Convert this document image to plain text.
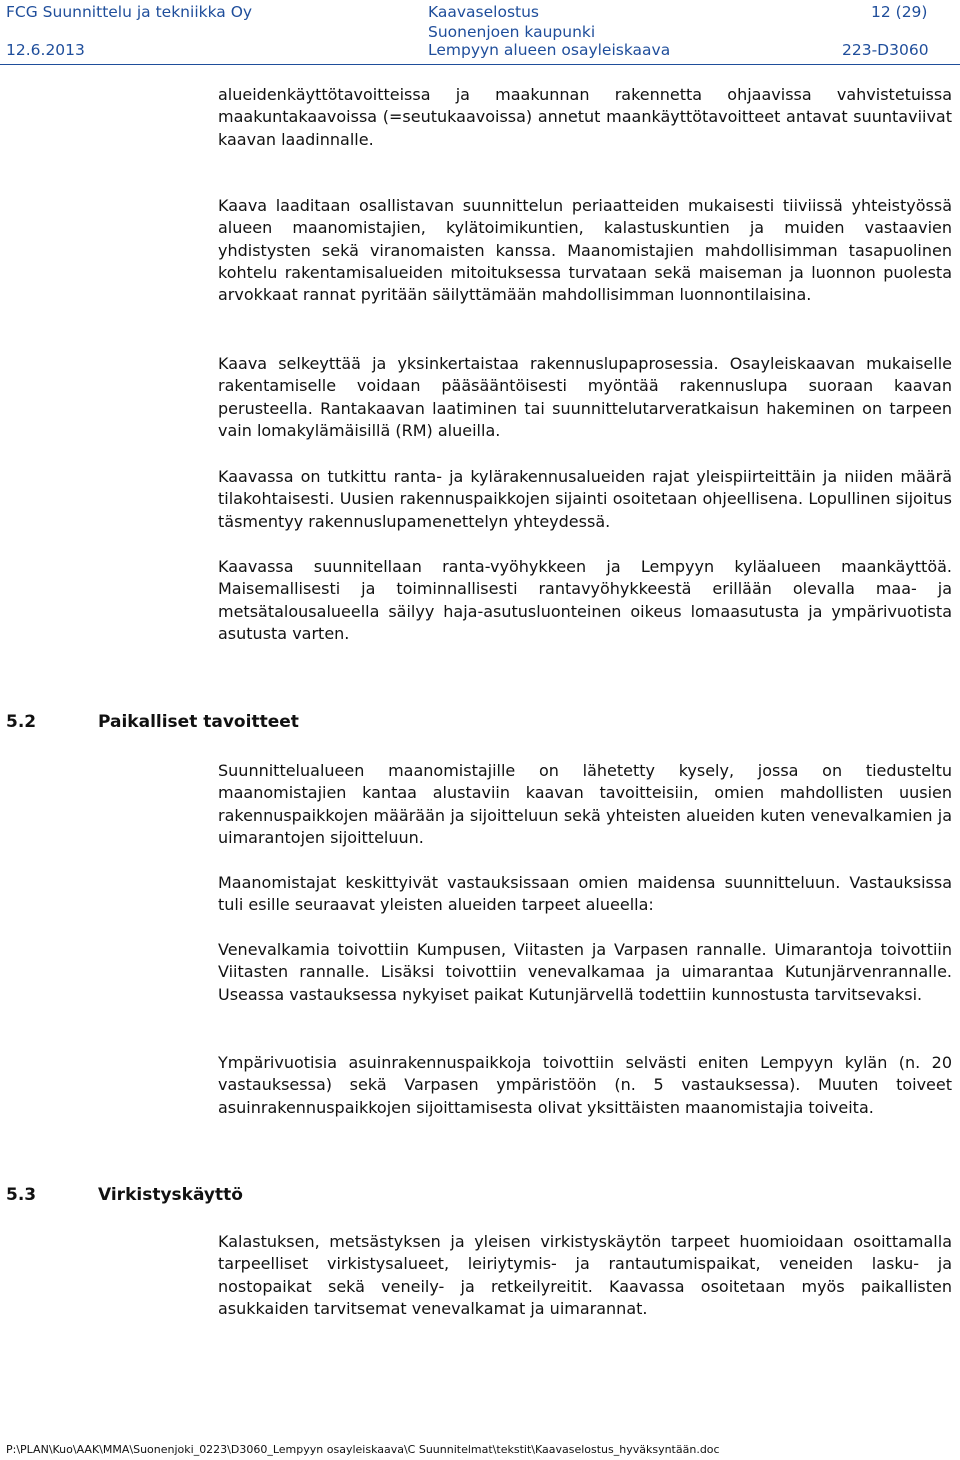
FCG Suunnittelu ja tekniikka Oy	Kaavaselostus	12 (29)
Suonenjoen kaupunki
12.6.2013	Lempyyn alueen osayleiskaava	223-D3060

alueidenkäyttötavoitteissa ja maakunnan rakennetta ohjaavissa vahvistetuissa maakuntakaavoissa (=seutukaavoissa) annetut maankäyttötavoitteet antavat suuntaviivat kaavan laadinnalle.

Kaava laaditaan osallistavan suunnittelun periaatteiden mukaisesti tiiviissä yhteistyössä alueen maanomistajien, kylätoimikuntien, kalastuskuntien ja muiden vastaavien yhdistysten sekä viranomaisten kanssa. Maanomistajien mahdollisimman tasapuolinen kohtelu rakentamisalueiden mitoituksessa turvataan sekä maiseman ja luonnon puolesta arvokkaat rannat pyritään säilyttämään mahdollisimman luonnontilaisina.

Kaava selkeyttää ja yksinkertaistaa rakennuslupaprosessia. Osayleiskaavan mukaiselle rakentamiselle voidaan pääsääntöisesti myöntää rakennuslupa suoraan kaavan perusteella. Rantakaavan laatiminen tai suunnittelutarveratkaisun hakeminen on tarpeen vain lomakylämäisillä (RM) alueilla.

Kaavassa on tutkittu ranta- ja kylärakennusalueiden rajat yleispiirteittäin ja niiden määrä tilakohtaisesti. Uusien rakennuspaikkojen sijainti osoitetaan ohjeellisena. Lopullinen sijoitus täsmentyy rakennuslupamenettelyn yhteydessä.

Kaavassa suunnitellaan ranta-vyöhykkeen ja Lempyyn kyläalueen maankäyttöä. Maisemallisesti ja toiminnallisesti rantavyöhykkeestä erillään olevalla maa- ja metsätalousalueella säilyy haja-asutusluonteinen oikeus lomaasutusta ja ympärivuotista asutusta varten.

5.2	Paikalliset tavoitteet

Suunnittelualueen maanomistajille on lähetetty kysely, jossa on tiedusteltu maanomistajien kantaa alustaviin kaavan tavoitteisiin, omien mahdollisten uusien rakennuspaikkojen määrään ja sijoitteluun sekä yhteisten alueiden kuten venevalkamien ja uimarantojen sijoitteluun.

Maanomistajat keskittyivät vastauksissaan omien maidensa suunnitteluun. Vastauksissa tuli esille seuraavat yleisten alueiden tarpeet alueella:

Venevalkamia toivottiin Kumpusen, Viitasten ja Varpasen rannalle. Uimarantoja toivottiin Viitasten rannalle. Lisäksi toivottiin venevalkamaa ja uimarantaa Kutunjärvenrannalle. Useassa vastauksessa nykyiset paikat Kutunjärvellä todettiin kunnostusta tarvitsevaksi.

Ympärivuotisia asuinrakennuspaikkoja toivottiin selvästi eniten Lempyyn kylän (n. 20 vastauksessa) sekä Varpasen ympäristöön (n. 5 vastauksessa). Muuten toiveet asuinrakennuspaikkojen sijoittamisesta olivat yksittäisten maanomistajia toiveita.

5.3	Virkistyskäyttö

Kalastuksen, metsästyksen ja yleisen virkistyskäytön tarpeet huomioidaan osoittamalla tarpeelliset virkistysalueet, leiriytymis- ja rantautumispaikat, veneiden lasku- ja nostopaikat sekä veneily- ja retkeilyreitit. Kaavassa osoitetaan myös paikallisten asukkaiden tarvitsemat venevalkamat ja uimarannat.

P:\PLAN\Kuo\AAK\MMA\Suonenjoki_0223\D3060_Lempyyn osayleiskaava\C Suunnitelmat\tekstit\Kaavaselostus_hyväksyntään.doc
